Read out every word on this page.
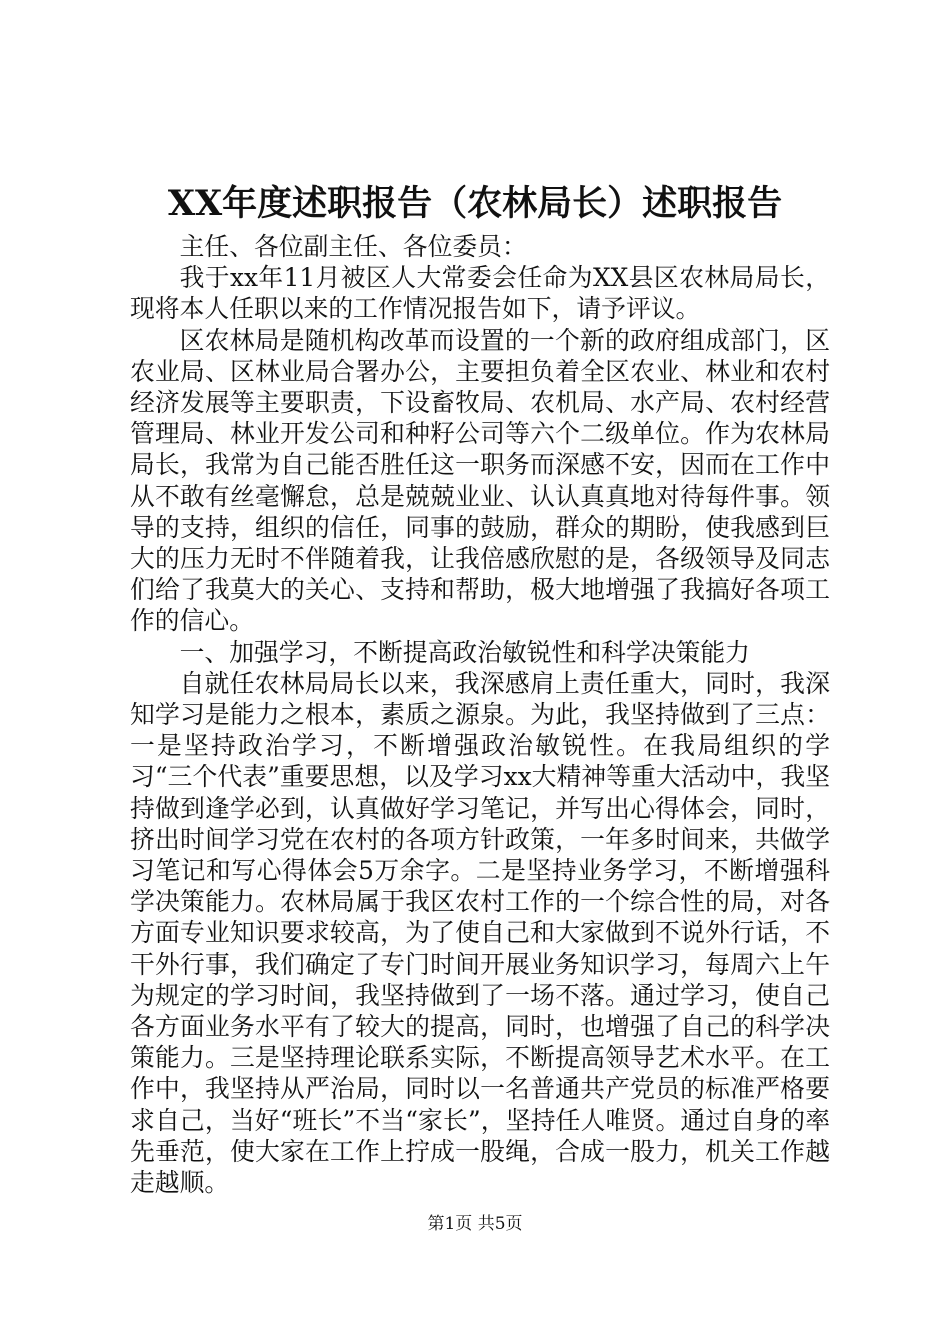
XX年度述职报告（农林局长）述职报告

主任、各位副主任、各位委员：

我于xx年11月被区人大常委会任命为XX县区农林局局长，现将本人任职以来的工作情况报告如下，请予评议。

区农林局是随机构改革而设置的一个新的政府组成部门，区农业局、区林业局合署办公，主要担负着全区农业、林业和农村经济发展等主要职责，下设畜牧局、农机局、水产局、农村经营管理局、林业开发公司和种籽公司等六个二级单位。作为农林局局长，我常为自己能否胜任这一职务而深感不安，因而在工作中从不敢有丝毫懈怠，总是兢兢业业、认认真真地对待每件事。领导的支持，组织的信任，同事的鼓励，群众的期盼，使我感到巨大的压力无时不伴随着我，让我倍感欣慰的是，各级领导及同志们给了我莫大的关心、支持和帮助，极大地增强了我搞好各项工作的信心。

一、加强学习，不断提高政治敏锐性和科学决策能力

自就任农林局局长以来，我深感肩上责任重大，同时，我深知学习是能力之根本，素质之源泉。为此，我坚持做到了三点：一是坚持政治学习，不断增强政治敏锐性。在我局组织的学习“三个代表”重要思想，以及学习xx大精神等重大活动中，我坚持做到逢学必到，认真做好学习笔记，并写出心得体会，同时，挤出时间学习党在农村的各项方针政策，一年多时间来，共做学习笔记和写心得体会5万余字。二是坚持业务学习，不断增强科学决策能力。农林局属于我区农村工作的一个综合性的局，对各方面专业知识要求较高，为了使自己和大家做到不说外行话，不干外行事，我们确定了专门时间开展业务知识学习，每周六上午为规定的学习时间，我坚持做到了一场不落。通过学习，使自己各方面业务水平有了较大的提高，同时，也增强了自己的科学决策能力。三是坚持理论联系实际，不断提高领导艺术水平。在工作中，我坚持从严治局，同时以一名普通共产党员的标准严格要求自己，当好“班长”不当“家长”，坚持任人唯贤。通过自身的率先垂范，使大家在工作上拧成一股绳，合成一股力，机关工作越走越顺。

第1页 共5页
